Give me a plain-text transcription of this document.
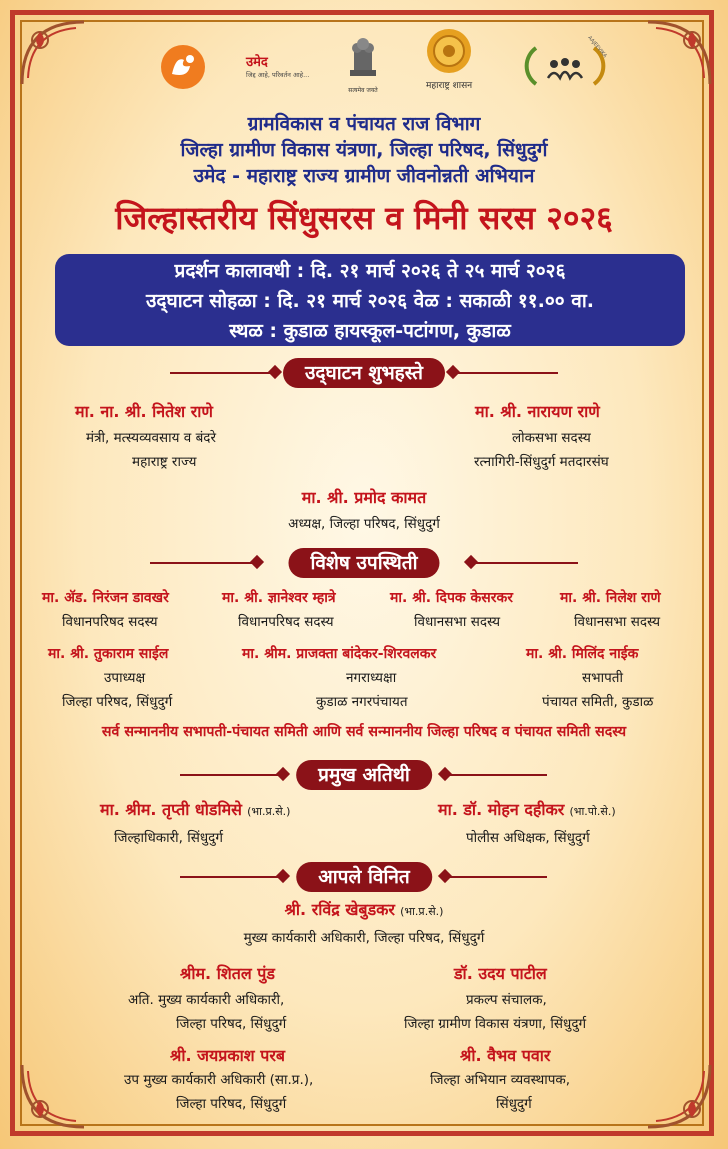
उमेद
जिद्द आहे, परिवर्तन आहे...
सत्यमेव जयते	महाराष्ट्र शासन
AAJEEVIKA
ग्रामविकास व पंचायत राज विभाग
जिल्हा ग्रामीण विकास यंत्रणा, जिल्हा परिषद, सिंधुदुर्ग
उमेद - महाराष्ट्र राज्य ग्रामीण जीवनोन्नती अभियान
जिल्हास्तरीय सिंधुसरस व मिनी सरस २०२६
प्रदर्शन कालावधी : दि. २१ मार्च २०२६ ते २५ मार्च २०२६
उद्‌घाटन सोहळा : दि. २१ मार्च २०२६ वेळ : सकाळी ११.०० वा.
स्थळ : कुडाळ हायस्कूल-पटांगण, कुडाळ
उद्‌घाटन शुभहस्ते
मा. ना. श्री. नितेश राणे
मंत्री, मत्स्यव्यवसाय व बंदरे
महाराष्ट्र राज्य
मा. श्री. नारायण राणे
लोकसभा सदस्य
रत्नागिरी-सिंधुदुर्ग मतदारसंघ
मा. श्री. प्रमोद कामत
अध्यक्ष, जिल्हा परिषद, सिंधुदुर्ग
विशेष उपस्थिती
मा. ॲड. निरंजन डावखरे
विधानपरिषद सदस्य
मा. श्री. ज्ञानेश्वर म्हात्रे
विधानपरिषद सदस्य
मा. श्री. दिपक केसरकर
विधानसभा सदस्य
मा. श्री. निलेश राणे
विधानसभा सदस्य
मा. श्री. तुकाराम साईल
उपाध्यक्ष
जिल्हा परिषद, सिंधुदुर्ग
मा. श्रीम. प्राजक्ता बांदेकर-शिरवलकर
नगराध्यक्षा
कुडाळ नगरपंचायत
मा. श्री. मिलिंद नाईक
सभापती
पंचायत समिती, कुडाळ
सर्व सन्माननीय सभापती-पंचायत समिती आणि सर्व सन्माननीय जिल्हा परिषद व पंचायत समिती सदस्य
प्रमुख अतिथी
मा. श्रीम. तृप्ती धोडमिसे (भा.प्र.से.)
जिल्हाधिकारी, सिंधुदुर्ग
मा. डॉ. मोहन दहीकर (भा.पो.से.)
पोलीस अधिक्षक, सिंधुदुर्ग
आपले विनित
श्री. रविंद्र खेबुडकर (भा.प्र.से.)
मुख्य कार्यकारी अधिकारी, जिल्हा परिषद, सिंधुदुर्ग
श्रीम. शितल पुंड
अति. मुख्य कार्यकारी अधिकारी,
जिल्हा परिषद, सिंधुदुर्ग
डॉ. उदय पाटील
प्रकल्प संचालक,
जिल्हा ग्रामीण विकास यंत्रणा, सिंधुदुर्ग
श्री. जयप्रकाश परब
उप मुख्य कार्यकारी अधिकारी (सा.प्र.),
जिल्हा परिषद, सिंधुदुर्ग
श्री. वैभव पवार
जिल्हा अभियान व्यवस्थापक,
सिंधुदुर्ग
